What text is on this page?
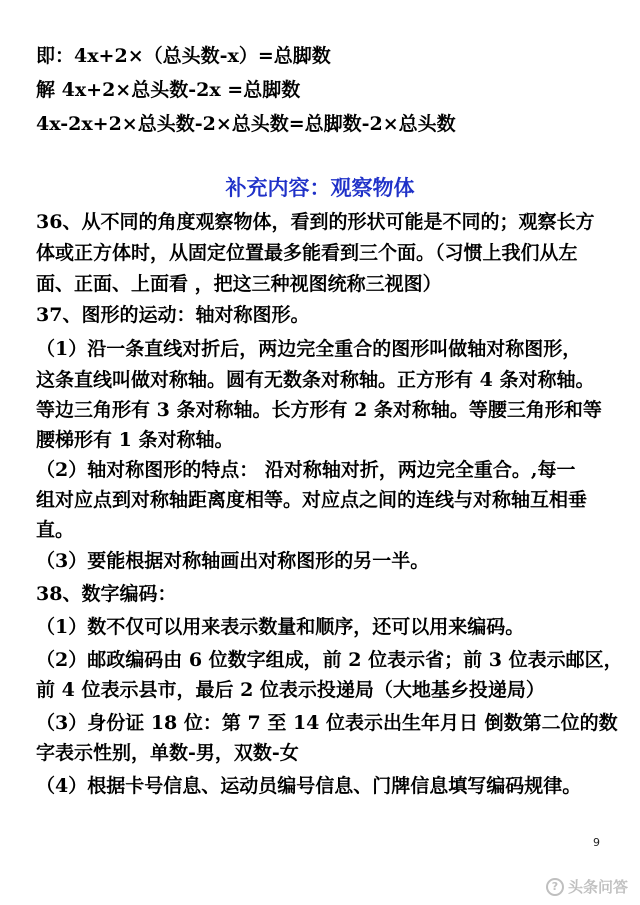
即：4x+2×（总头数-x）=总脚数
解 4x+2×总头数-2x =总脚数
4x-2x+2×总头数-2×总头数=总脚数-2×总头数
补充内容：观察物体
36、从不同的角度观察物体，看到的形状可能是不同的；观察长方
体或正方体时，从固定位置最多能看到三个面。（习惯上我们从左
面、正面、上面看 ，把这三种视图统称三视图）
37、图形的运动：轴对称图形。
（1）沿一条直线对折后，两边完全重合的图形叫做轴对称图形，
这条直线叫做对称轴。圆有无数条对称轴。正方形有 4 条对称轴。
等边三角形有 3 条对称轴。长方形有 2 条对称轴。等腰三角形和等
腰梯形有 1 条对称轴。
（2）轴对称图形的特点： 沿对称轴对折，两边完全重合。,每一
组对应点到对称轴距离度相等。对应点之间的连线与对称轴互相垂
直。
（3）要能根据对称轴画出对称图形的另一半。
38、数字编码：
（1）数不仅可以用来表示数量和顺序，还可以用来编码。
（2）邮政编码由 6 位数字组成，前 2 位表示省；前 3 位表示邮区，
前 4 位表示县市，最后 2 位表示投递局（大地基乡投递局）
（3）身份证 18 位：第 7 至 14 位表示出生年月日 倒数第二位的数
字表示性别，单数-男，双数-女
（4）根据卡号信息、运动员编号信息、门牌信息填写编码规律。
9
? 头条问答
